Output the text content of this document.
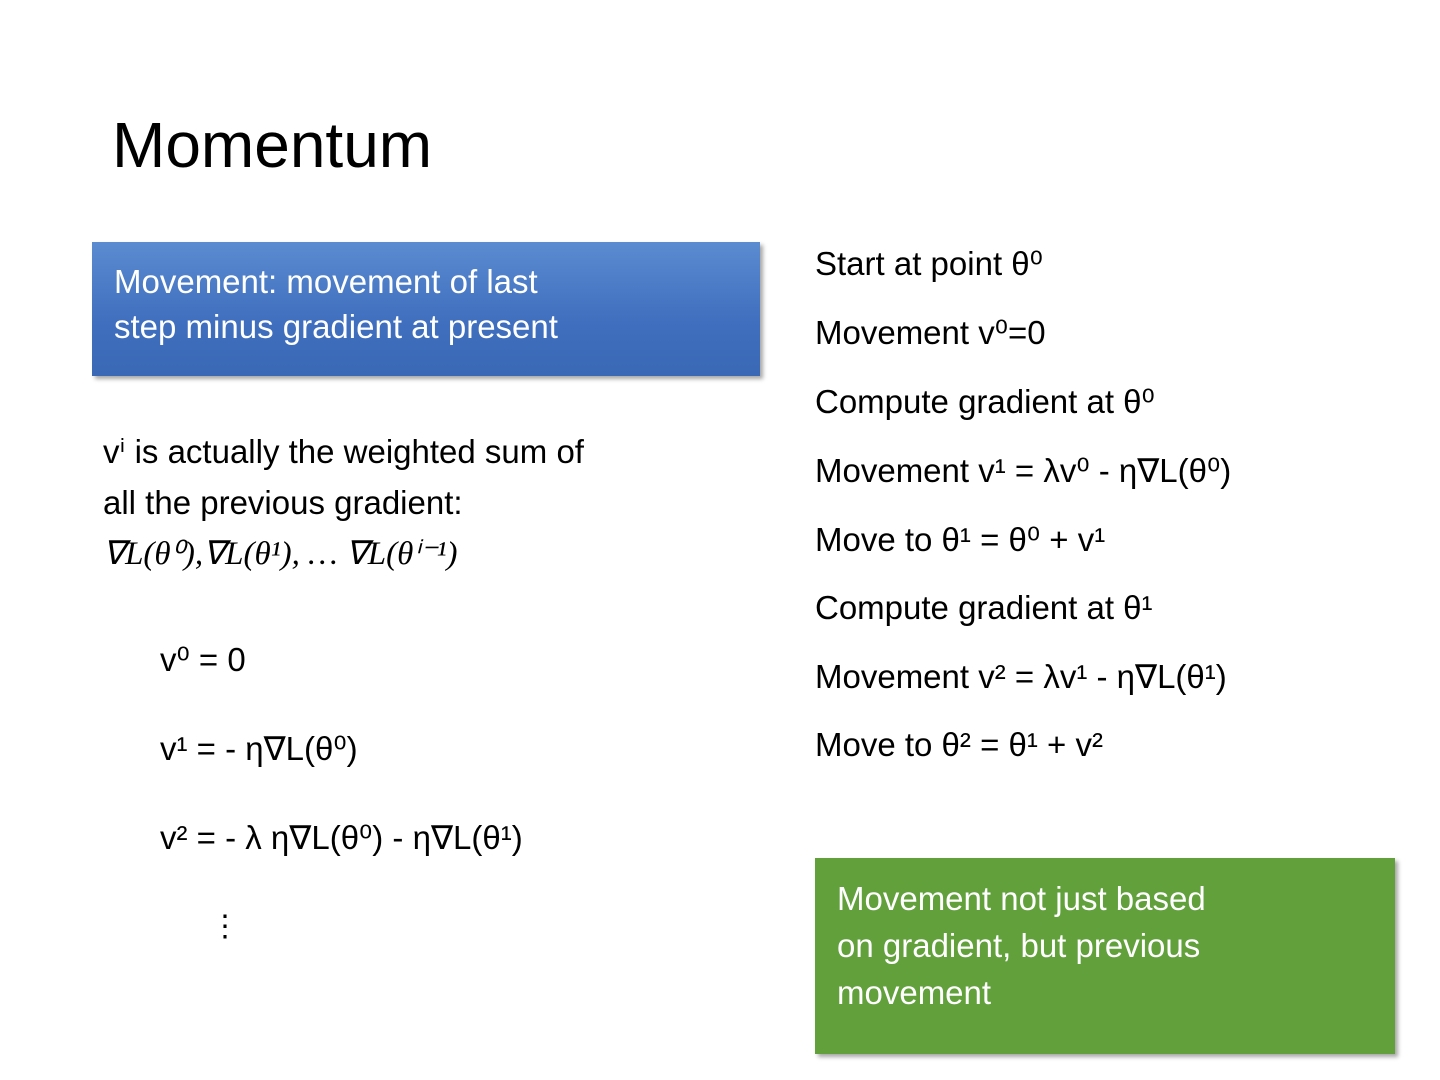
Momentum
Movement: movement of last
step minus gradient at present
vⁱ is actually the weighted sum of
all the previous gradient:
∇L(θ⁰),∇L(θ¹), … ∇L(θⁱ⁻¹)
v⁰ = 0
v¹ = - η∇L(θ⁰)
v² = - λ η∇L(θ⁰) - η∇L(θ¹)
⋮
Start at point θ⁰
Movement v⁰=0
Compute gradient at θ⁰
Movement v¹ = λv⁰ - η∇L(θ⁰)
Move to θ¹ = θ⁰ + v¹
Compute gradient at θ¹
Movement v² = λv¹ - η∇L(θ¹)
Move to θ² = θ¹ + v²
Movement not just based
on gradient, but previous
movement
